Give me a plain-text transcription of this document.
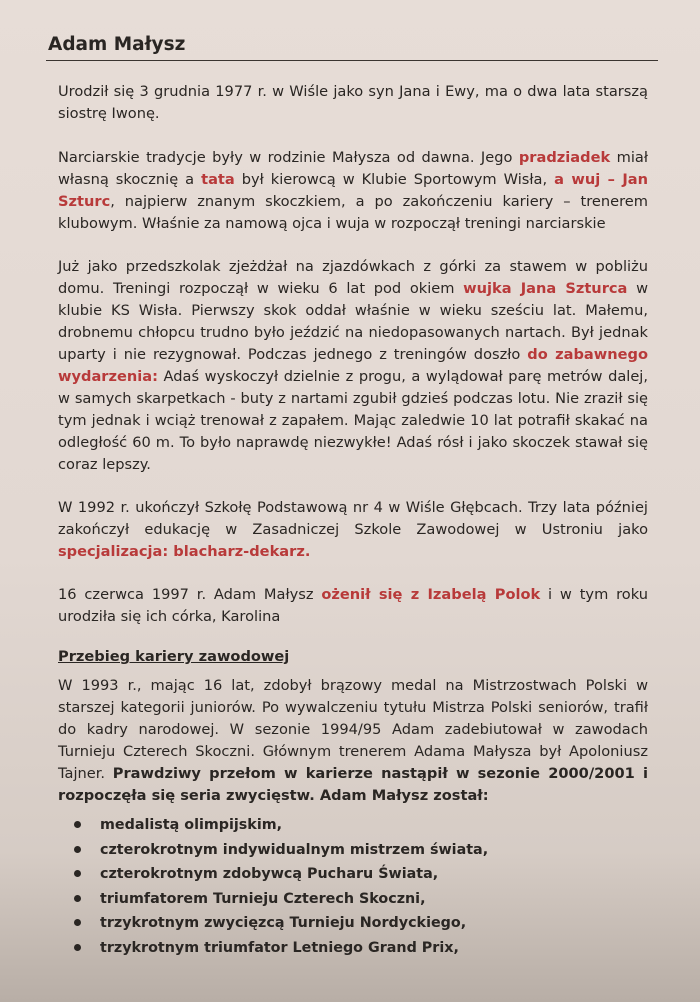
Adam Małysz

Urodził się 3 grudnia 1977 r. w Wiśle jako syn Jana i Ewy, ma o dwa lata starszą siostrę Iwonę.

Narciarskie tradycje były w rodzinie Małysza od dawna. Jego pradziadek miał własną skocznię a tata był kierowcą w Klubie Sportowym Wisła, a wuj – Jan Szturc, najpierw znanym skoczkiem, a po zakończeniu kariery – trenerem klubowym. Właśnie za namową ojca i wuja w rozpoczął treningi narciarskie

Już jako przedszkolak zjeżdżał na zjazdówkach z górki za stawem w pobliżu domu. Treningi rozpoczął w wieku 6 lat pod okiem wujka Jana Szturca w klubie KS Wisła. Pierwszy skok oddał właśnie w wieku sześciu lat. Małemu, drobnemu chłopcu trudno było jeździć na niedopasowanych nartach. Był jednak uparty i nie rezygnował. Podczas jednego z treningów doszło do zabawnego wydarzenia: Adaś wyskoczył dzielnie z progu, a wylądował parę metrów dalej, w samych skarpetkach - buty z nartami zgubił gdzieś podczas lotu. Nie zraził się tym jednak i wciąż trenował z zapałem. Mając zaledwie 10 lat potrafił skakać na odległość 60 m. To było naprawdę niezwykłe! Adaś rósł i jako skoczek stawał się coraz lepszy.

W 1992 r. ukończył Szkołę Podstawową nr 4 w Wiśle Głębcach. Trzy lata później zakończył edukację w Zasadniczej Szkole Zawodowej w Ustroniu jako specjalizacja: blacharz-dekarz.

16 czerwca 1997 r. Adam Małysz ożenił się z Izabelą Polok i w tym roku urodziła się ich córka, Karolina

Przebieg kariery zawodowej

W 1993 r., mając 16 lat, zdobył brązowy medal na Mistrzostwach Polski w starszej kategorii juniorów. Po wywalczeniu tytułu Mistrza Polski seniorów, trafił do kadry narodowej. W sezonie 1994/95 Adam zadebiutował w zawodach Turnieju Czterech Skoczni. Głównym trenerem Adama Małysza był Apoloniusz Tajner. Prawdziwy przełom w karierze nastąpił w sezonie 2000/2001 i rozpoczęła się seria zwycięstw. Adam Małysz został:

medalistą olimpijskim,
czterokrotnym indywidualnym mistrzem świata,
czterokrotnym zdobywcą Pucharu Świata,
triumfatorem Turnieju Czterech Skoczni,
trzykrotnym zwycięzcą Turnieju Nordyckiego,
trzykrotnym triumfator Letniego Grand Prix,
